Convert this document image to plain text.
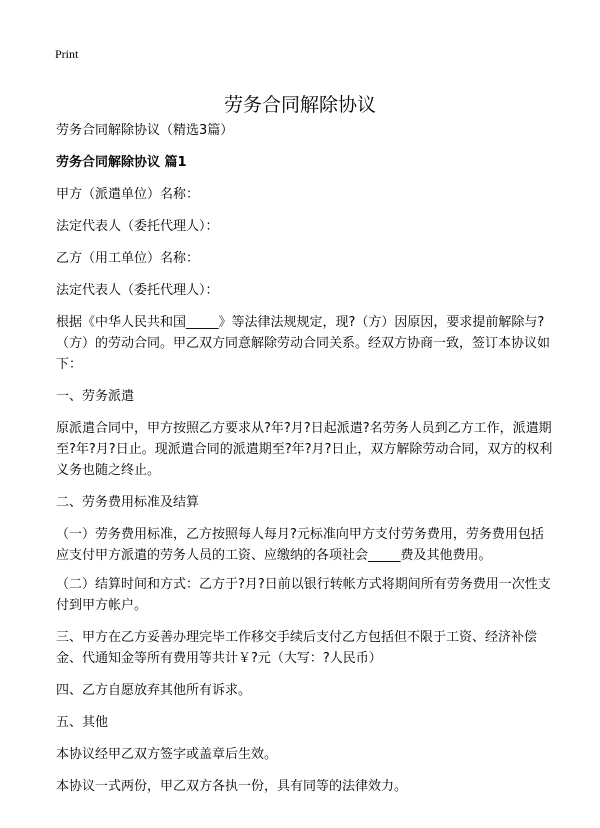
Print
劳务合同解除协议

劳务合同解除协议（精选3篇）

劳务合同解除协议 篇1

甲方（派遣单位）名称：

法定代表人（委托代理人）：

乙方（用工单位）名称：

法定代表人（委托代理人）：

根据《中华人民共和国_____》等法律法规规定，现?（方）因原因，要求提前解除与?（方）的劳动合同。甲乙双方同意解除劳动合同关系。经双方协商一致，签订本协议如下：

一、劳务派遣

原派遣合同中，甲方按照乙方要求从?年?月?日起派遣?名劳务人员到乙方工作，派遣期至?年?月?日止。现派遣合同的派遣期至?年?月?日止，双方解除劳动合同，双方的权利义务也随之终止。

二、劳务费用标准及结算

（一）劳务费用标准，乙方按照每人每月?元标准向甲方支付劳务费用，劳务费用包括应支付甲方派遣的劳务人员的工资、应缴纳的各项社会_____费及其他费用。

（二）结算时间和方式：乙方于?月?日前以银行转帐方式将期间所有劳务费用一次性支付到甲方帐户。

三、甲方在乙方妥善办理完毕工作移交手续后支付乙方包括但不限于工资、经济补偿金、代通知金等所有费用等共计￥?元（大写：?人民币）

四、乙方自愿放弃其他所有诉求。

五、其他

本协议经甲乙双方签字或盖章后生效。

本协议一式两份，甲乙双方各执一份，具有同等的法律效力。
